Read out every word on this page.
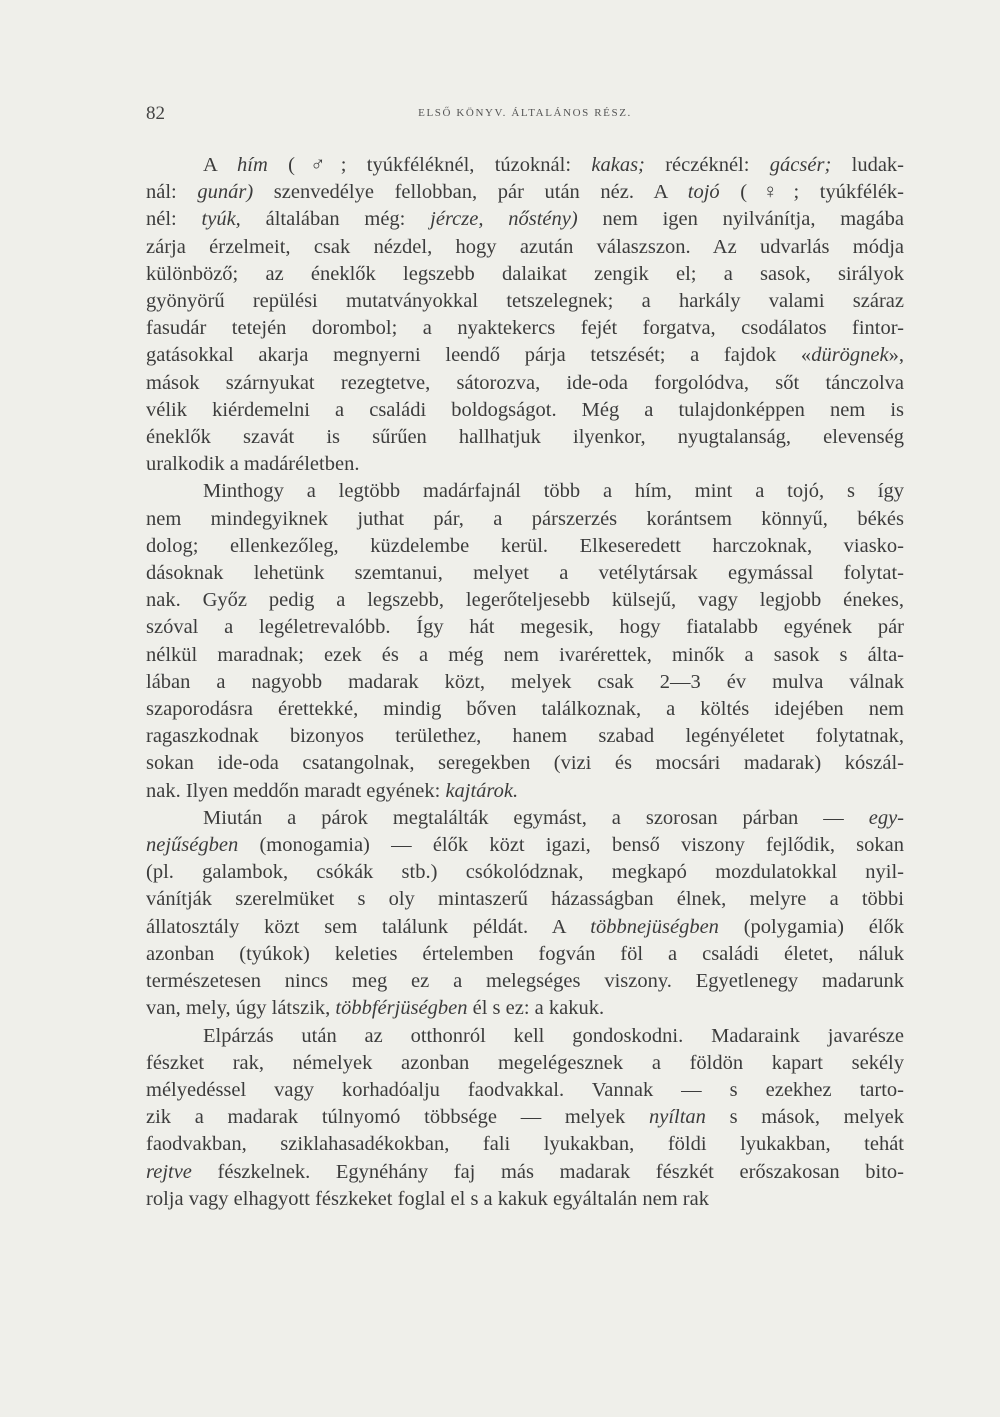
82	ELSŐ KÖNYV. ÁLTALÁNOS RÉSZ.

A hím (♂; tyúkféléknél, túzoknál: kakas; réczéknél: gácsér; ludak-
nál: gunár) szenvedélye fellobban, pár után néz. A tojó (♀; tyúkfélék-
nél: tyúk, általában még: jércze, nőstény) nem igen nyilvánítja, magába
zárja érzelmeit, csak nézdel, hogy azután válaszszon. Az udvarlás módja
különböző; az éneklők legszebb dalaikat zengik el; a sasok, sirályok
gyönyörű repülési mutatványokkal tetszelegnek; a harkály valami száraz
fasudár tetején dorombol; a nyaktekercs fejét forgatva, csodálatos fintor-
gatásokkal akarja megnyerni leendő párja tetszését; a fajdok «dürögnek»,
mások szárnyukat rezegtetve, sátorozva, ide-oda forgolódva, sőt tánczolva
vélik kiérdemelni a családi boldogságot. Még a tulajdonképpen nem is
éneklők szavát is sűrűen hallhatjuk ilyenkor, nyugtalanság, elevenség
uralkodik a madáréletben.

Minthogy a legtöbb madárfajnál több a hím, mint a tojó, s így
nem mindegyiknek juthat pár, a párszerzés korántsem könnyű, békés
dolog; ellenkezőleg, küzdelembe kerül. Elkeseredett harczoknak, viasko-
dásoknak lehetünk szemtanui, melyet a vetélytársak egymással folytat-
nak. Győz pedig a legszebb, legerőteljesebb külsejű, vagy legjobb énekes,
szóval a legéletrevalóbb. Így hát megesik, hogy fiatalabb egyének pár
nélkül maradnak; ezek és a még nem ivarérettek, minők a sasok s álta-
lában a nagyobb madarak közt, melyek csak 2—3 év mulva válnak
szaporodásra érettekké, mindig bőven találkoznak, a költés idejében nem
ragaszkodnak bizonyos területhez, hanem szabad legényéletet folytatnak,
sokan ide-oda csatangolnak, seregekben (vizi és mocsári madarak) kószál-
nak. Ilyen meddőn maradt egyének: kajtárok.

Miután a párok megtalálták egymást, a szorosan párban — egy-
nejűségben (monogamia) — élők közt igazi, benső viszony fejlődik, sokan
(pl. galambok, csókák stb.) csókolódznak, megkapó mozdulatokkal nyil-
vánítják szerelmüket s oly mintaszerű házasságban élnek, melyre a többi
állatosztály közt sem találunk példát. A többnejüségben (polygamia) élők
azonban (tyúkok) keleties értelemben fogván föl a családi életet, náluk
természetesen nincs meg ez a melegséges viszony. Egyetlenegy madarunk
van, mely, úgy látszik, többférjüségben él s ez: a kakuk.

Elpárzás után az otthonról kell gondoskodni. Madaraink javarésze
fészket rak, némelyek azonban megelégesznek a földön kapart sekély
mélyedéssel vagy korhadóalju faodvakkal. Vannak — s ezekhez tarto-
zik a madarak túlnyomó többsége — melyek nyíltan s mások, melyek
faodvakban, sziklahasadékokban, fali lyukakban, földi lyukakban, tehát
rejtve fészkelnek. Egynéhány faj más madarak fészkét erőszakosan bito-
rolja vagy elhagyott fészkeket foglal el s a kakuk egyáltalán nem rak
